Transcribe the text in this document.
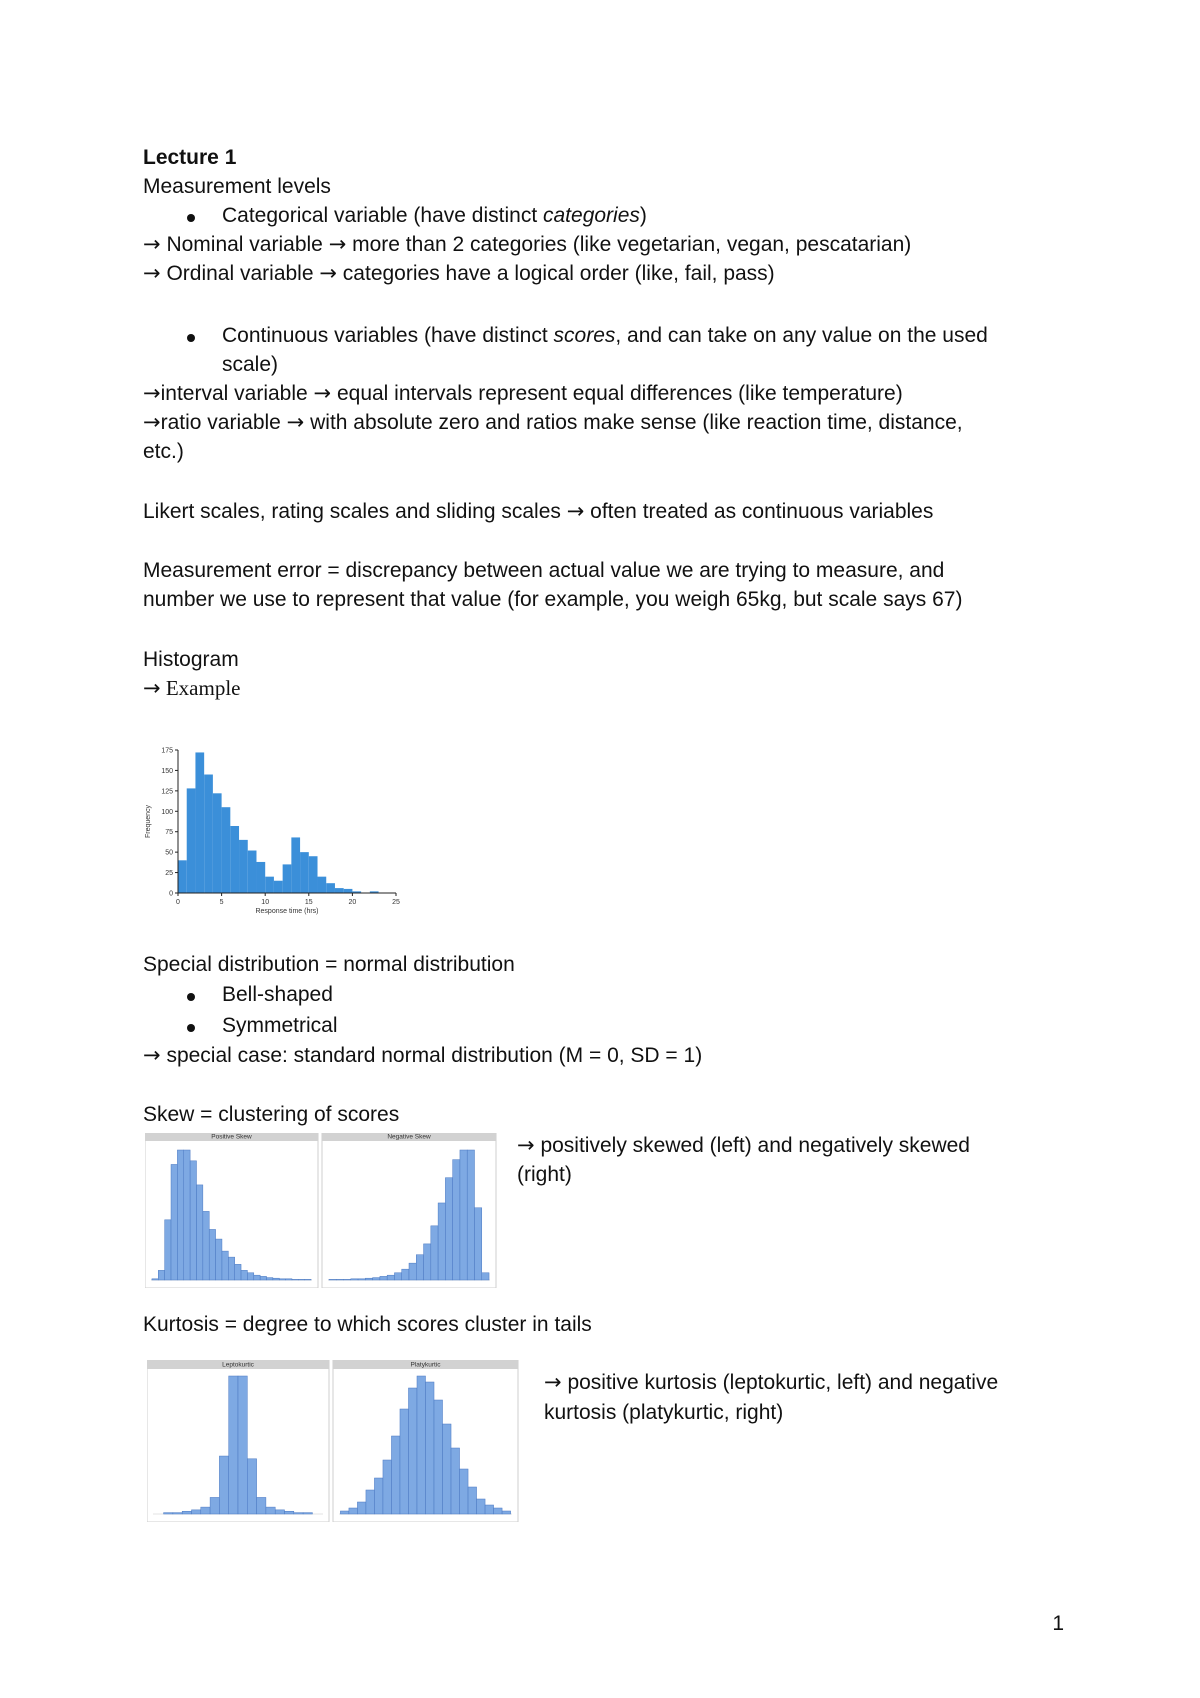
Lecture 1
Measurement levels
Categorical variable (have distinct categories)
→ Nominal variable → more than 2 categories (like vegetarian, vegan, pescatarian)
→ Ordinal variable → categories have a logical order (like, fail, pass)
Continuous variables (have distinct scores, and can take on any value on the used
scale)
→interval variable → equal intervals represent equal differences (like temperature)
→ratio variable → with absolute zero and ratios make sense (like reaction time, distance,
etc.)
Likert scales, rating scales and sliding scales → often treated as continuous variables
Measurement error = discrepancy between actual value we are trying to measure, and
number we use to represent that value (for example, you weigh 65kg, but scale says 67)
Histogram
→ Example
0
25
50
75
100
125
150
175
0	5	10	15	20	25
Response time (hrs)
Frequency
Special distribution = normal distribution
Bell-shaped
Symmetrical
→ special case: standard normal distribution (M = 0, SD = 1)
Skew = clustering of scores
Positive Skew	Negative Skew	→ positively skewed (left) and negatively skewed
(right)
Kurtosis = degree to which scores cluster in tails
Leptokurtic	Platykurtic
→ positive kurtosis (leptokurtic, left) and negative
kurtosis (platykurtic, right)
1
